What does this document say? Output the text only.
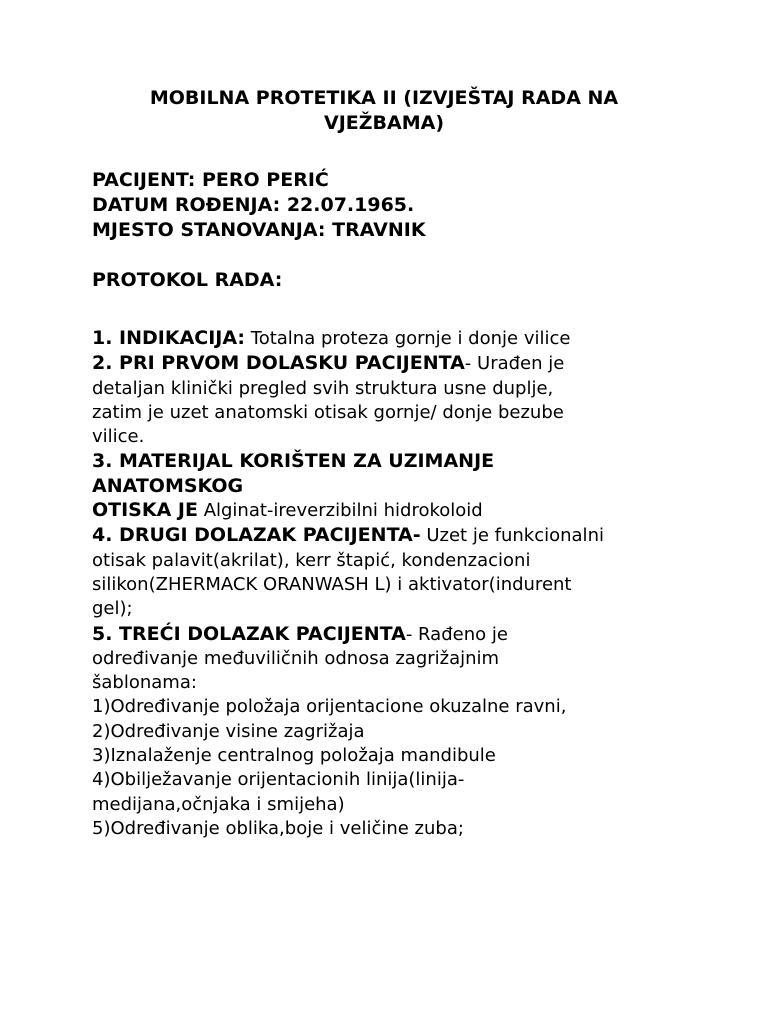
MOBILNA PROTETIKA II (IZVJEŠTAJ RADA NA
VJEŽBAMA)
PACIJENT: PERO PERIĆ
DATUM ROĐENJA: 22.07.1965.
MJESTO STANOVANJA: TRAVNIK
PROTOKOL RADA:
1. INDIKACIJA: Totalna proteza gornje i donje vilice
2. PRI PRVOM DOLASKU PACIJENTA- Urađen je
detaljan klinički pregled svih struktura usne duplje,
zatim je uzet anatomski otisak gornje/ donje bezube
vilice.
3. MATERIJAL KORIŠTEN ZA UZIMANJE
ANATOMSKOG
OTISKA JE Alginat-ireverzibilni hidrokoloid
4. DRUGI DOLAZAK PACIJENTA- Uzet je funkcionalni
otisak palavit(akrilat), kerr štapić, kondenzacioni
silikon(ZHERMACK ORANWASH L) i aktivator(indurent
gel);
5. TREĆI DOLAZAK PACIJENTA- Rađeno je
određivanje međuviličnih odnosa zagrižajnim
šablonama:
1)Određivanje položaja orijentacione okuzalne ravni,
2)Određivanje visine zagrižaja
3)Iznalaženje centralnog položaja mandibule
4)Obilježavanje orijentacionih linija(linija-
medijana,očnjaka i smijeha)
5)Određivanje oblika,boje i veličine zuba;
